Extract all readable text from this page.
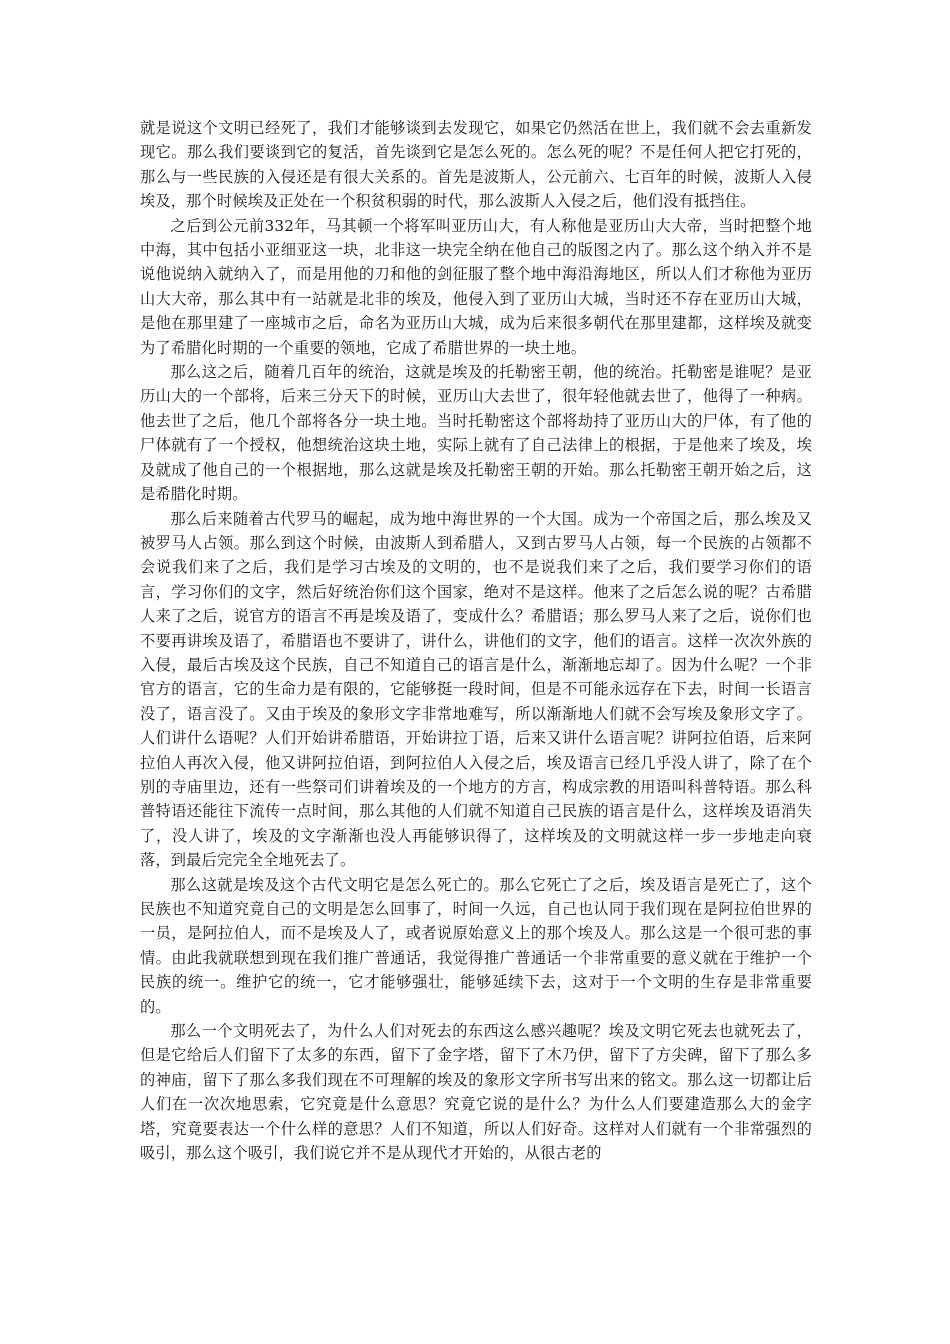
就是说这个文明已经死了，我们才能够谈到去发现它，如果它仍然活在世上，我们就不会去重新发现它。那么我们要谈到它的复活，首先谈到它是怎么死的。怎么死的呢？不是任何人把它打死的，那么与一些民族的入侵还是有很大关系的。首先是波斯人，公元前六、七百年的时候，波斯人入侵埃及，那个时候埃及正处在一个积贫积弱的时代，那么波斯人入侵之后，他们没有抵挡住。

之后到公元前332年，马其顿一个将军叫亚历山大，有人称他是亚历山大大帝，当时把整个地中海，其中包括小亚细亚这一块，北非这一块完全纳在他自己的版图之内了。那么这个纳入并不是说他说纳入就纳入了，而是用他的刀和他的剑征服了整个地中海沿海地区，所以人们才称他为亚历山大大帝，那么其中有一站就是北非的埃及，他侵入到了亚历山大城，当时还不存在亚历山大城，是他在那里建了一座城市之后，命名为亚历山大城，成为后来很多朝代在那里建都，这样埃及就变为了希腊化时期的一个重要的领地，它成了希腊世界的一块土地。

那么这之后，随着几百年的统治，这就是埃及的托勒密王朝，他的统治。托勒密是谁呢？是亚历山大的一个部将，后来三分天下的时候，亚历山大去世了，很年轻他就去世了，他得了一种病。他去世了之后，他几个部将各分一块土地。当时托勒密这个部将劫持了亚历山大的尸体，有了他的尸体就有了一个授权，他想统治这块土地，实际上就有了自己法律上的根据，于是他来了埃及，埃及就成了他自己的一个根据地，那么这就是埃及托勒密王朝的开始。那么托勒密王朝开始之后，这是希腊化时期。

那么后来随着古代罗马的崛起，成为地中海世界的一个大国。成为一个帝国之后，那么埃及又被罗马人占领。那么到这个时候，由波斯人到希腊人，又到古罗马人占领，每一个民族的占领都不会说我们来了之后，我们是学习古埃及的文明的，也不是说我们来了之后，我们要学习你们的语言，学习你们的文字，然后好统治你们这个国家，绝对不是这样。他来了之后怎么说的呢？古希腊人来了之后，说官方的语言不再是埃及语了，变成什么？希腊语；那么罗马人来了之后，说你们也不要再讲埃及语了，希腊语也不要讲了，讲什么，讲他们的文字，他们的语言。这样一次次外族的入侵，最后古埃及这个民族，自己不知道自己的语言是什么，渐渐地忘却了。因为什么呢？一个非官方的语言，它的生命力是有限的，它能够挺一段时间，但是不可能永远存在下去，时间一长语言没了，语言没了。又由于埃及的象形文字非常地难写，所以渐渐地人们就不会写埃及象形文字了。人们讲什么语呢？人们开始讲希腊语，开始讲拉丁语，后来又讲什么语言呢？讲阿拉伯语，后来阿拉伯人再次入侵，他又讲阿拉伯语，到阿拉伯人入侵之后，埃及语言已经几乎没人讲了，除了在个别的寺庙里边，还有一些祭司们讲着埃及的一个地方的方言，构成宗教的用语叫科普特语。那么科普特语还能往下流传一点时间，那么其他的人们就不知道自己民族的语言是什么，这样埃及语消失了，没人讲了，埃及的文字渐渐也没人再能够识得了，这样埃及的文明就这样一步一步地走向衰落，到最后完完全全地死去了。

那么这就是埃及这个古代文明它是怎么死亡的。那么它死亡了之后，埃及语言是死亡了，这个民族也不知道究竟自己的文明是怎么回事了，时间一久远，自己也认同于我们现在是阿拉伯世界的一员，是阿拉伯人，而不是埃及人了，或者说原始意义上的那个埃及人。那么这是一个很可悲的事情。由此我就联想到现在我们推广普通话，我觉得推广普通话一个非常重要的意义就在于维护一个民族的统一。维护它的统一，它才能够强壮，能够延续下去，这对于一个文明的生存是非常重要的。

那么一个文明死去了，为什么人们对死去的东西这么感兴趣呢？埃及文明它死去也就死去了，但是它给后人们留下了太多的东西，留下了金字塔，留下了木乃伊，留下了方尖碑，留下了那么多的神庙，留下了那么多我们现在不可理解的埃及的象形文字所书写出来的铭文。那么这一切都让后人们在一次次地思索，它究竟是什么意思？究竟它说的是什么？为什么人们要建造那么大的金字塔，究竟要表达一个什么样的意思？人们不知道，所以人们好奇。这样对人们就有一个非常强烈的吸引，那么这个吸引，我们说它并不是从现代才开始的，从很古老的
